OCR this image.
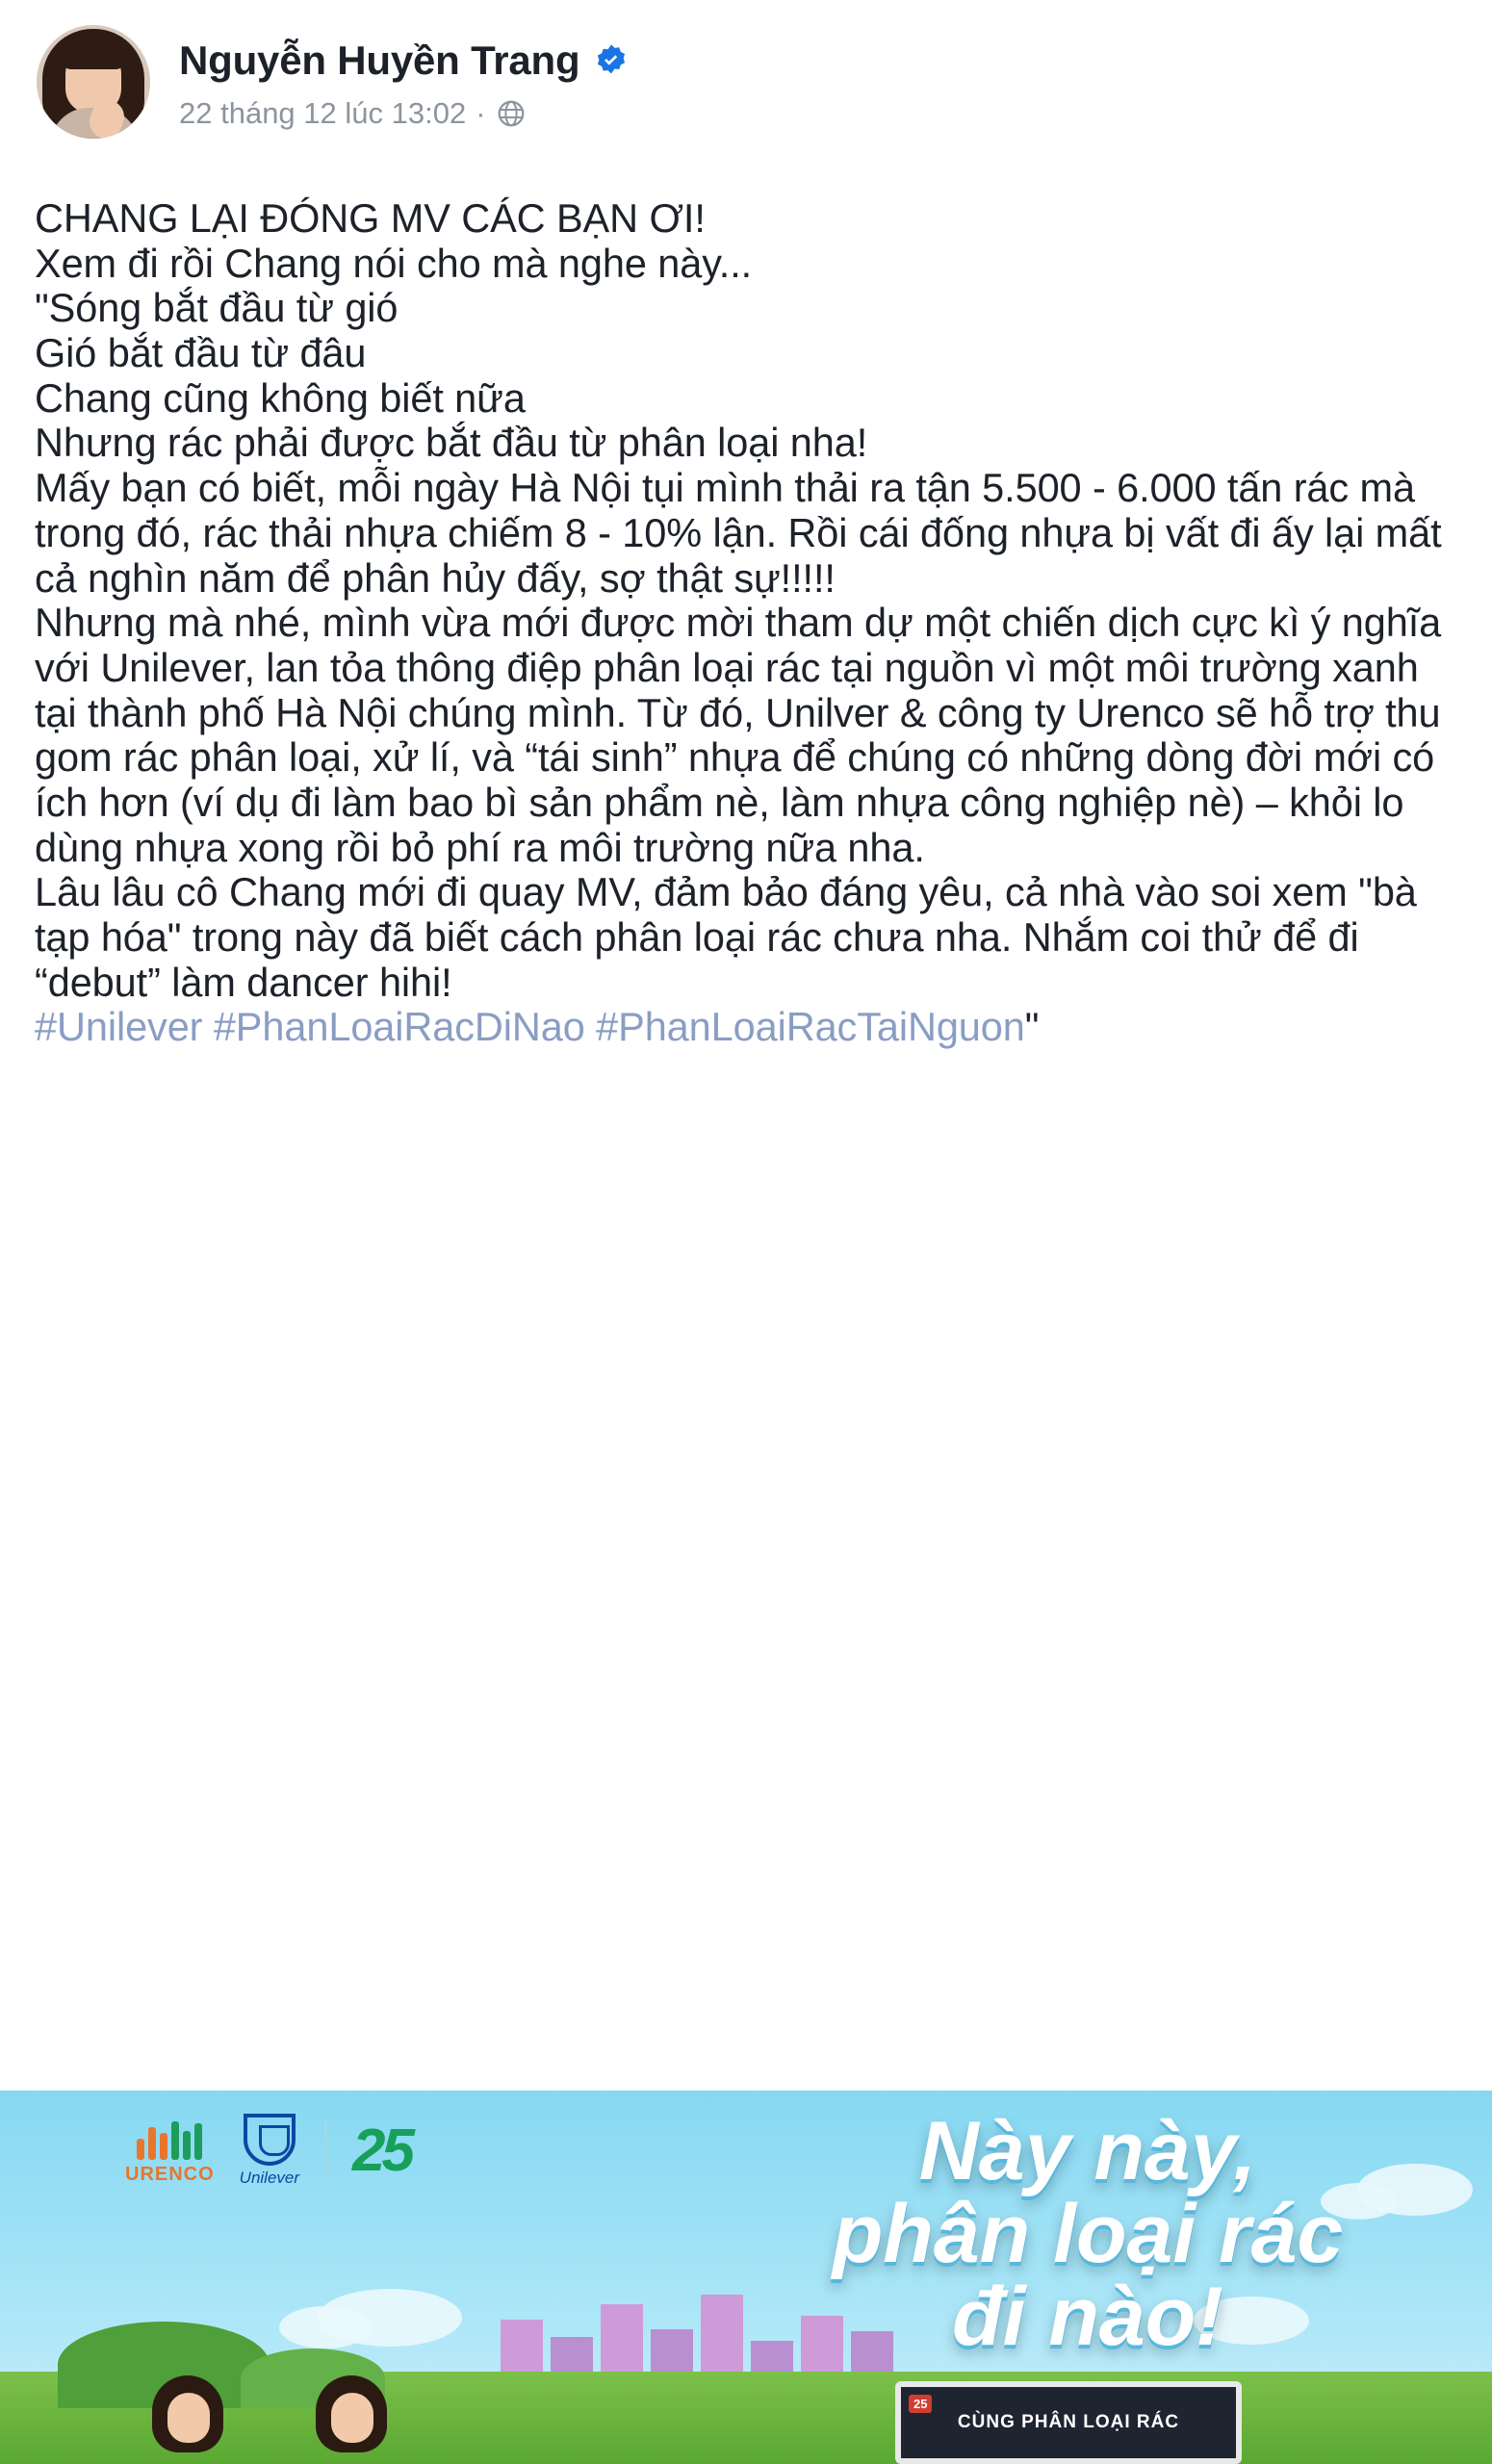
Nguyễn Huyền Trang
22 tháng 12 lúc 13:02 ·

CHANG LẠI ĐÓNG MV CÁC BẠN ƠI!

Xem đi rồi Chang nói cho mà nghe này...

"Sóng bắt đầu từ gió

Gió bắt đầu từ đâu

Chang cũng không biết nữa

Nhưng rác phải được bắt đầu từ phân loại nha!

Mấy bạn có biết, mỗi ngày Hà Nội tụi mình thải ra tận 5.500 - 6.000 tấn rác mà trong đó, rác thải nhựa chiếm 8 - 10% lận. Rồi cái đống nhựa bị vất đi ấy lại mất cả nghìn năm để phân hủy đấy, sợ thật sự!!!!!

Nhưng mà nhé, mình vừa mới được mời tham dự một chiến dịch cực kì ý nghĩa với Unilever, lan tỏa thông điệp phân loại rác tại nguồn vì một môi trường xanh tại thành phố Hà Nội chúng mình. Từ đó, Unilver & công ty Urenco sẽ hỗ trợ thu gom rác phân loại, xử lí, và “tái sinh” nhựa để chúng có những dòng đời mới có ích hơn (ví dụ đi làm bao bì sản phẩm nè, làm nhựa công nghiệp nè) – khỏi lo dùng nhựa xong rồi bỏ phí ra môi trường nữa nha.

Lâu lâu cô Chang mới đi quay MV, đảm bảo đáng yêu, cả nhà vào soi xem "bà tạp hóa" trong này đã biết cách phân loại rác chưa nha. Nhắm coi thử để đi “debut” làm dancer hihi!

#Unilever #PhanLoaiRacDiNao #PhanLoaiRacTaiNguon"

URENCO Unilever 25	Này này,
phân loại rác
đi nào!
25
CÙNG PHÂN LOẠI RÁC
